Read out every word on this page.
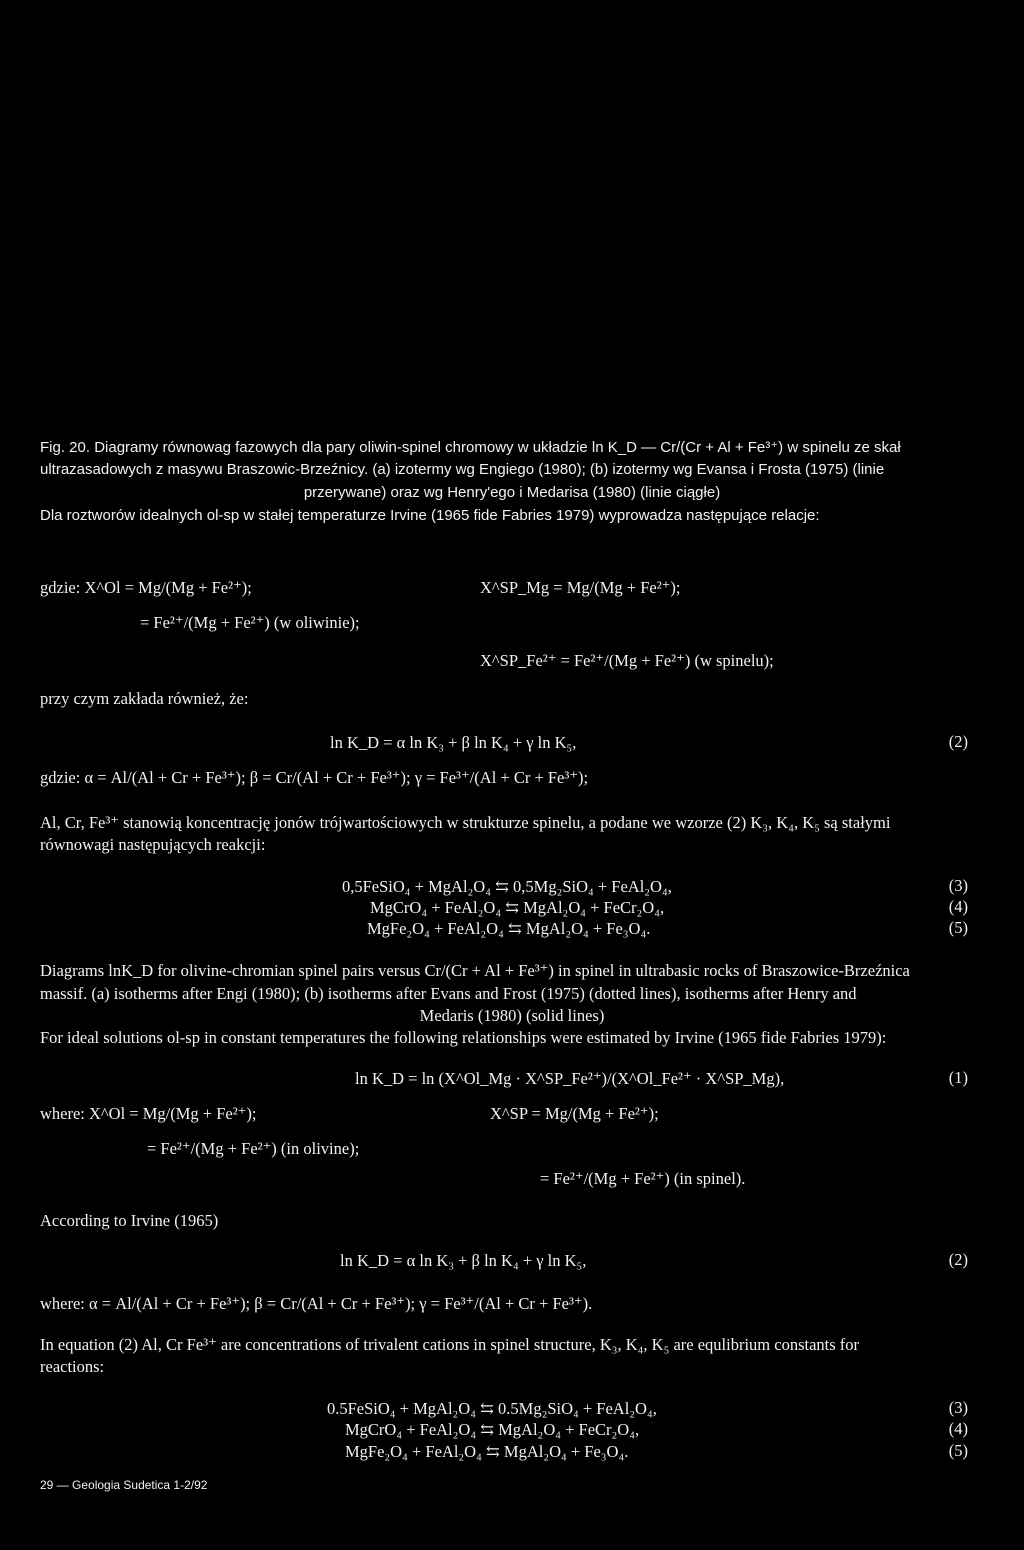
Fig. 20. Diagramy równowag fazowych dla pary oliwin-spinel chromowy w układzie ln K_D — Cr/(Cr + Al + Fe³⁺) w spinelu ze skał
ultrazasadowych z masywu Braszowic-Brzeźnicy. (a) izotermy wg Engiego (1980); (b) izotermy wg Evansa i Frosta (1975) (linie
przerywane) oraz wg Henry'ego i Medarisa (1980) (linie ciągłe)
Dla roztworów idealnych ol-sp w stałej temperaturze Irvine (1965 fide Fabries 1979) wyprowadza następujące relacje:
gdzie: X^Ol = Mg/(Mg + Fe²⁺);	X^SP_Mg = Mg/(Mg + Fe²⁺);
= Fe²⁺/(Mg + Fe²⁺) (w oliwinie);
X^SP_Fe²⁺ = Fe²⁺/(Mg + Fe²⁺) (w spinelu);
przy czym zakłada również, że:
ln K_D = α ln K₃ + β ln K₄ + γ ln K₅,	(2)
gdzie: α = Al/(Al + Cr + Fe³⁺); β = Cr/(Al + Cr + Fe³⁺); γ = Fe³⁺/(Al + Cr + Fe³⁺);
Al, Cr, Fe³⁺ stanowią koncentrację jonów trójwartościowych w strukturze spinelu, a podane we wzorze (2) K₃, K₄, K₅ są stałymi
równowagi następujących reakcji:
0,5FeSiO₄ + MgAl₂O₄ ⇆ 0,5Mg₂SiO₄ + FeAl₂O₄,	(3)
MgCrO₄ + FeAl₂O₄ ⇆ MgAl₂O₄ + FeCr₂O₄,	(4)
MgFe₂O₄ + FeAl₂O₄ ⇆ MgAl₂O₄ + Fe₃O₄.	(5)
Diagrams lnK_D for olivine-chromian spinel pairs versus Cr/(Cr + Al + Fe³⁺) in spinel in ultrabasic rocks of Braszowice-Brzeźnica
massif. (a) isotherms after Engi (1980); (b) isotherms after Evans and Frost (1975) (dotted lines), isotherms after Henry and
Medaris (1980) (solid lines)
For ideal solutions ol-sp in constant temperatures the following relationships were estimated by Irvine (1965 fide Fabries 1979):
ln K_D = ln (X^Ol_Mg · X^SP_Fe²⁺)/(X^Ol_Fe²⁺ · X^SP_Mg),	(1)
where: X^Ol = Mg/(Mg + Fe²⁺);	X^SP = Mg/(Mg + Fe²⁺);
= Fe²⁺/(Mg + Fe²⁺) (in olivine);
= Fe²⁺/(Mg + Fe²⁺) (in spinel).
According to Irvine (1965)
ln K_D = α ln K₃ + β ln K₄ + γ ln K₅,	(2)
where: α = Al/(Al + Cr + Fe³⁺); β = Cr/(Al + Cr + Fe³⁺); γ = Fe³⁺/(Al + Cr + Fe³⁺).
In equation (2) Al, Cr Fe³⁺ are concentrations of trivalent cations in spinel structure, K₃, K₄, K₅ are equlibrium constants for
reactions:
0.5FeSiO₄ + MgAl₂O₄ ⇆ 0.5Mg₂SiO₄ + FeAl₂O₄,	(3)
MgCrO₄ + FeAl₂O₄ ⇆ MgAl₂O₄ + FeCr₂O₄,	(4)
MgFe₂O₄ + FeAl₂O₄ ⇆ MgAl₂O₄ + Fe₃O₄.	(5)
29 — Geologia Sudetica 1-2/92
